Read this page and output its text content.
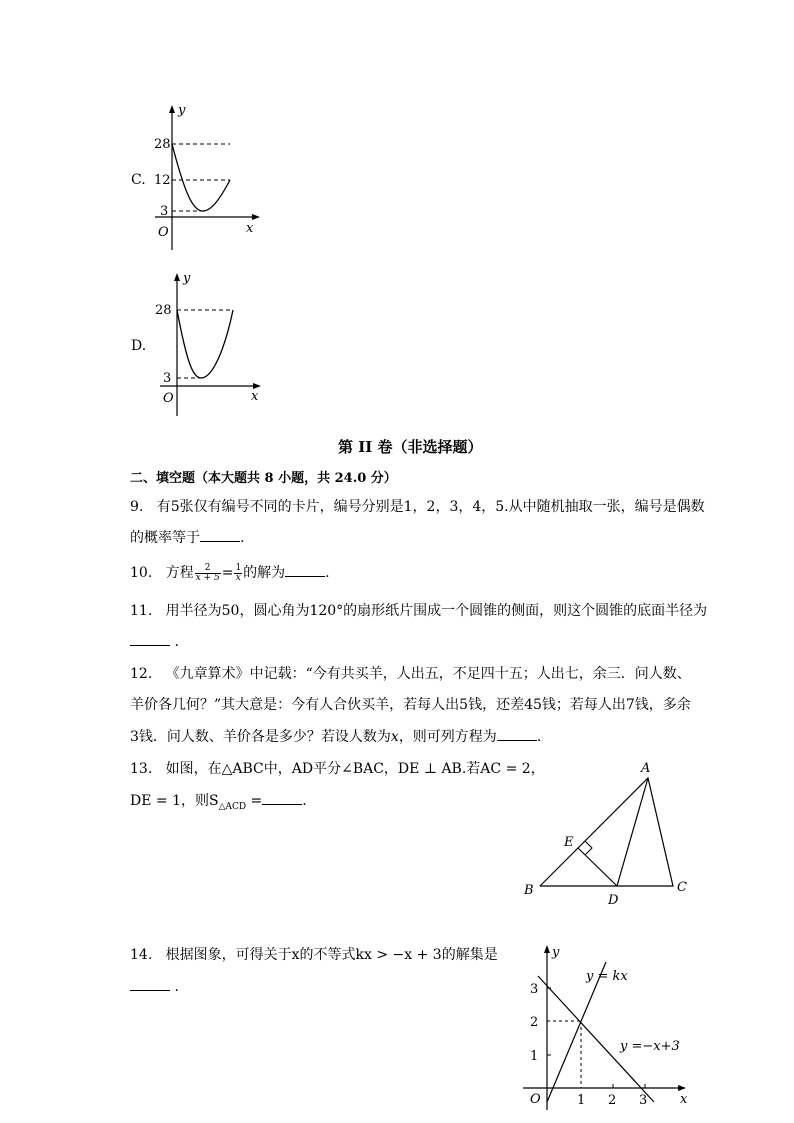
C.
y
x
O
28
12
3
D.
y
x
O
28
3
第 II 卷（非选择题）
二、填空题（本大题共 8 小题，共 24.0 分）
9. 有5张仅有编号不同的卡片，编号分别是1，2，3，4，5.从中随机抽取一张，编号是偶数
的概率等于	.
10. 方程 $\frac{2}{x + 5} = \frac{1}{x}$ 的解为	.
11. 用半径为50，圆心角为120°的扇形纸片围成一个圆锥的侧面，则这个圆锥的底面半径为
.
12. 《九章算术》中记载：“今有共买羊，人出五，不足四十五；人出七，余三．问人数、
羊价各几何？”其大意是：今有人合伙买羊，若每人出5钱，还差45钱；若每人出7钱，多余
3钱．问人数、羊价各是多少？若设人数为x，则可列方程为	.
13. 如图，在△ABC中，AD平分∠BAC，DE ⊥ AB.若AC = 2，
DE = 1，则$S_{\triangle ACD}$ =	.
A
B	C
D
E
14. 根据图象，可得关于x的不等式kx > −x + 3的解集是
.
y
x
O
3
2
1
1 2 3
y = kx
y =−x+3
